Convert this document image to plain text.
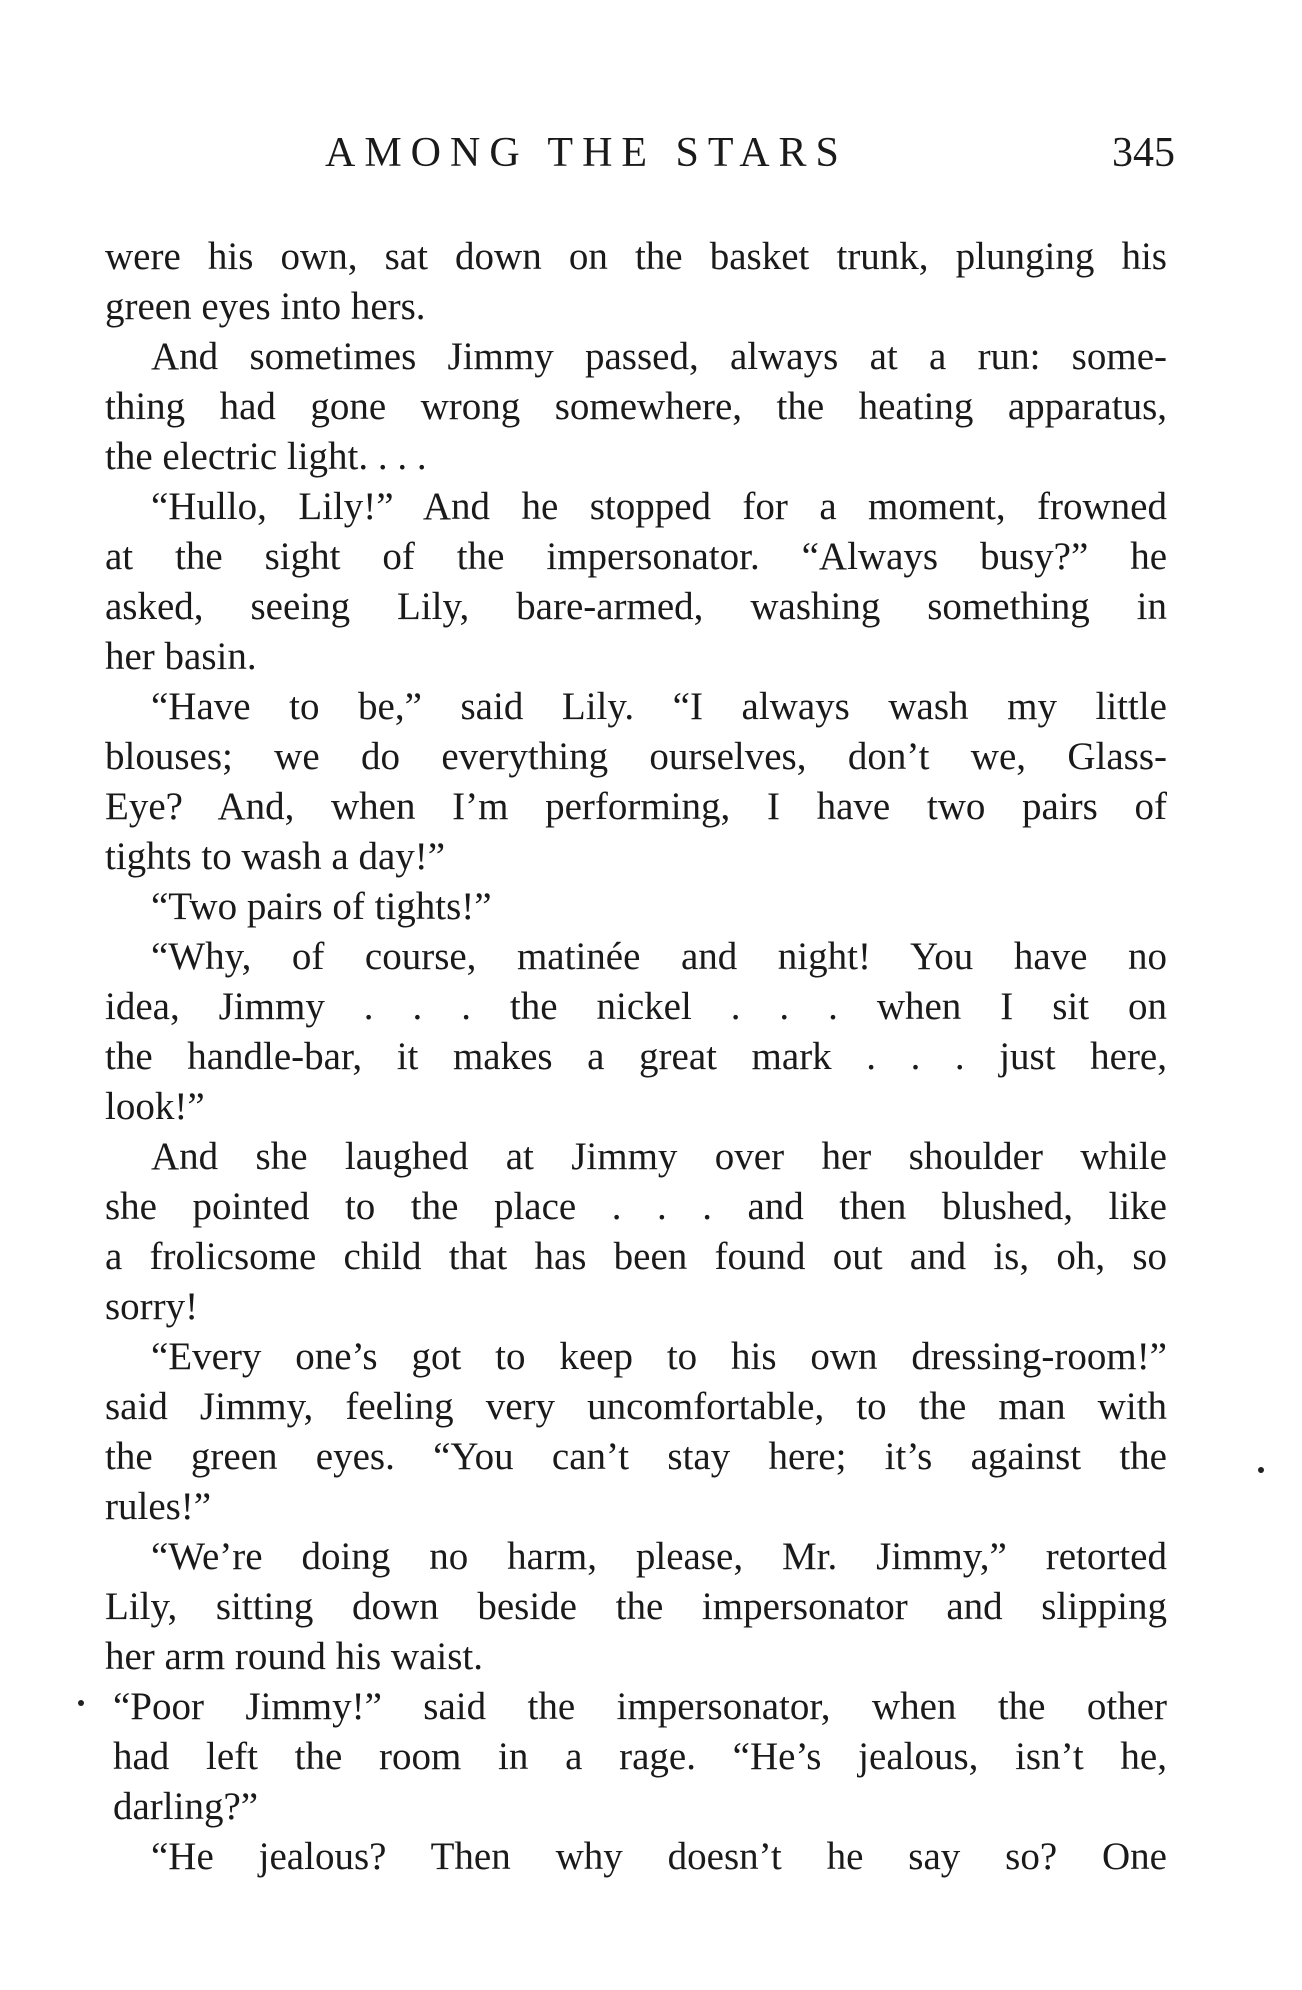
AMONG THE STARS	345
were his own, sat down on the basket trunk, plunging his
green eyes into hers.
And sometimes Jimmy passed, always at a run: some-
thing had gone wrong somewhere, the heating apparatus,
the electric light. . . .
“Hullo, Lily!” And he stopped for a moment, frowned
at the sight of the impersonator. “Always busy?” he
asked, seeing Lily, bare-armed, washing something in
her basin.
“Have to be,” said Lily. “I always wash my little
blouses; we do everything ourselves, don’t we, Glass-
Eye? And, when I’m performing, I have two pairs of
tights to wash a day!”
“Two pairs of tights!”
“Why, of course, matinée and night! You have no
idea, Jimmy . . . the nickel . . . when I sit on
the handle-bar, it makes a great mark . . . just here,
look!”
And she laughed at Jimmy over her shoulder while
she pointed to the place . . . and then blushed, like
a frolicsome child that has been found out and is, oh, so
sorry!
“Every one’s got to keep to his own dressing-room!”
said Jimmy, feeling very uncomfortable, to the man with
the green eyes. “You can’t stay here; it’s against the
rules!”
“We’re doing no harm, please, Mr. Jimmy,” retorted
Lily, sitting down beside the impersonator and slipping
her arm round his waist.
“Poor Jimmy!” said the impersonator, when the other
had left the room in a rage. “He’s jealous, isn’t he,
darling?”
“He jealous? Then why doesn’t he say so? One
